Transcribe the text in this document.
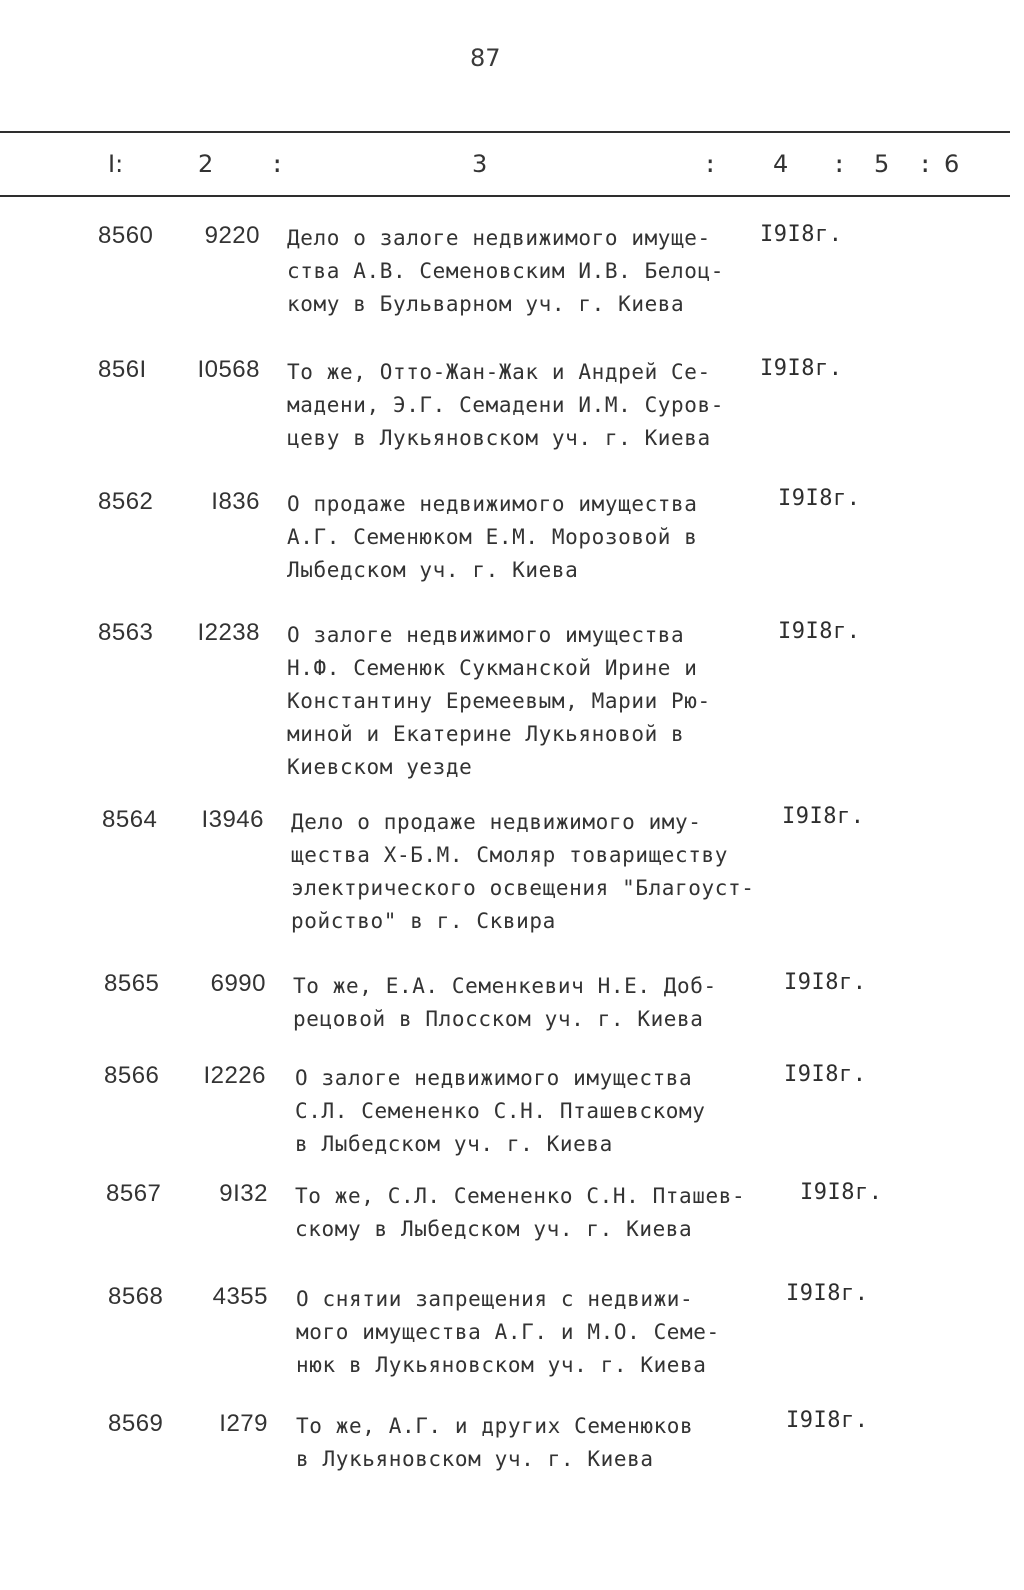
87
I:	2 :	3	: 4 : 5 : 6
8560	9220 Дело о залоге недвижимого имуще-
ства А.В. Семеновским И.В. Белоц-
кому в Бульварном уч. г. Киева
I9I8г.
856I	I0568 То же, Отто-Жан-Жак и Андрей Се-
мадени, Э.Г. Семадени И.М. Суров-
цеву в Лукьяновском уч. г. Киева
I9I8г.
8562	I836 О продаже недвижимого имущества
А.Г. Семенюком Е.М. Морозовой в
Лыбедском уч. г. Киева
I9I8г.
8563	I2238 О залоге недвижимого имущества
Н.Ф. Семенюк Сукманской Ирине и
Константину Еремеевым, Марии Рю-
миной и Екатерине Лукьяновой в
Киевском уезде
I9I8г.
8564	I3946 Дело о продаже недвижимого иму-
щества Х-Б.М. Смоляр товариществу
электрического освещения "Благоуст-
ройство" в г. Сквира
I9I8г.
8565	6990 То же, Е.А. Семенкевич Н.Е. Доб-
рецовой в Плосском уч. г. Киева
I9I8г.
8566	I2226 О залоге недвижимого имущества
С.Л. Семененко С.Н. Пташевскому
в Лыбедском уч. г. Киева
I9I8г.
8567	9I32 То же, С.Л. Семененко С.Н. Пташев-
скому в Лыбедском уч. г. Киева
I9I8г.
8568	4355 О снятии запрещения с недвижи-
мого имущества А.Г. и М.О. Семе-
нюк в Лукьяновском уч. г. Киева
I9I8г.
8569	I279 То же, А.Г. и других Семенюков
в Лукьяновском уч. г. Киева
I9I8г.
